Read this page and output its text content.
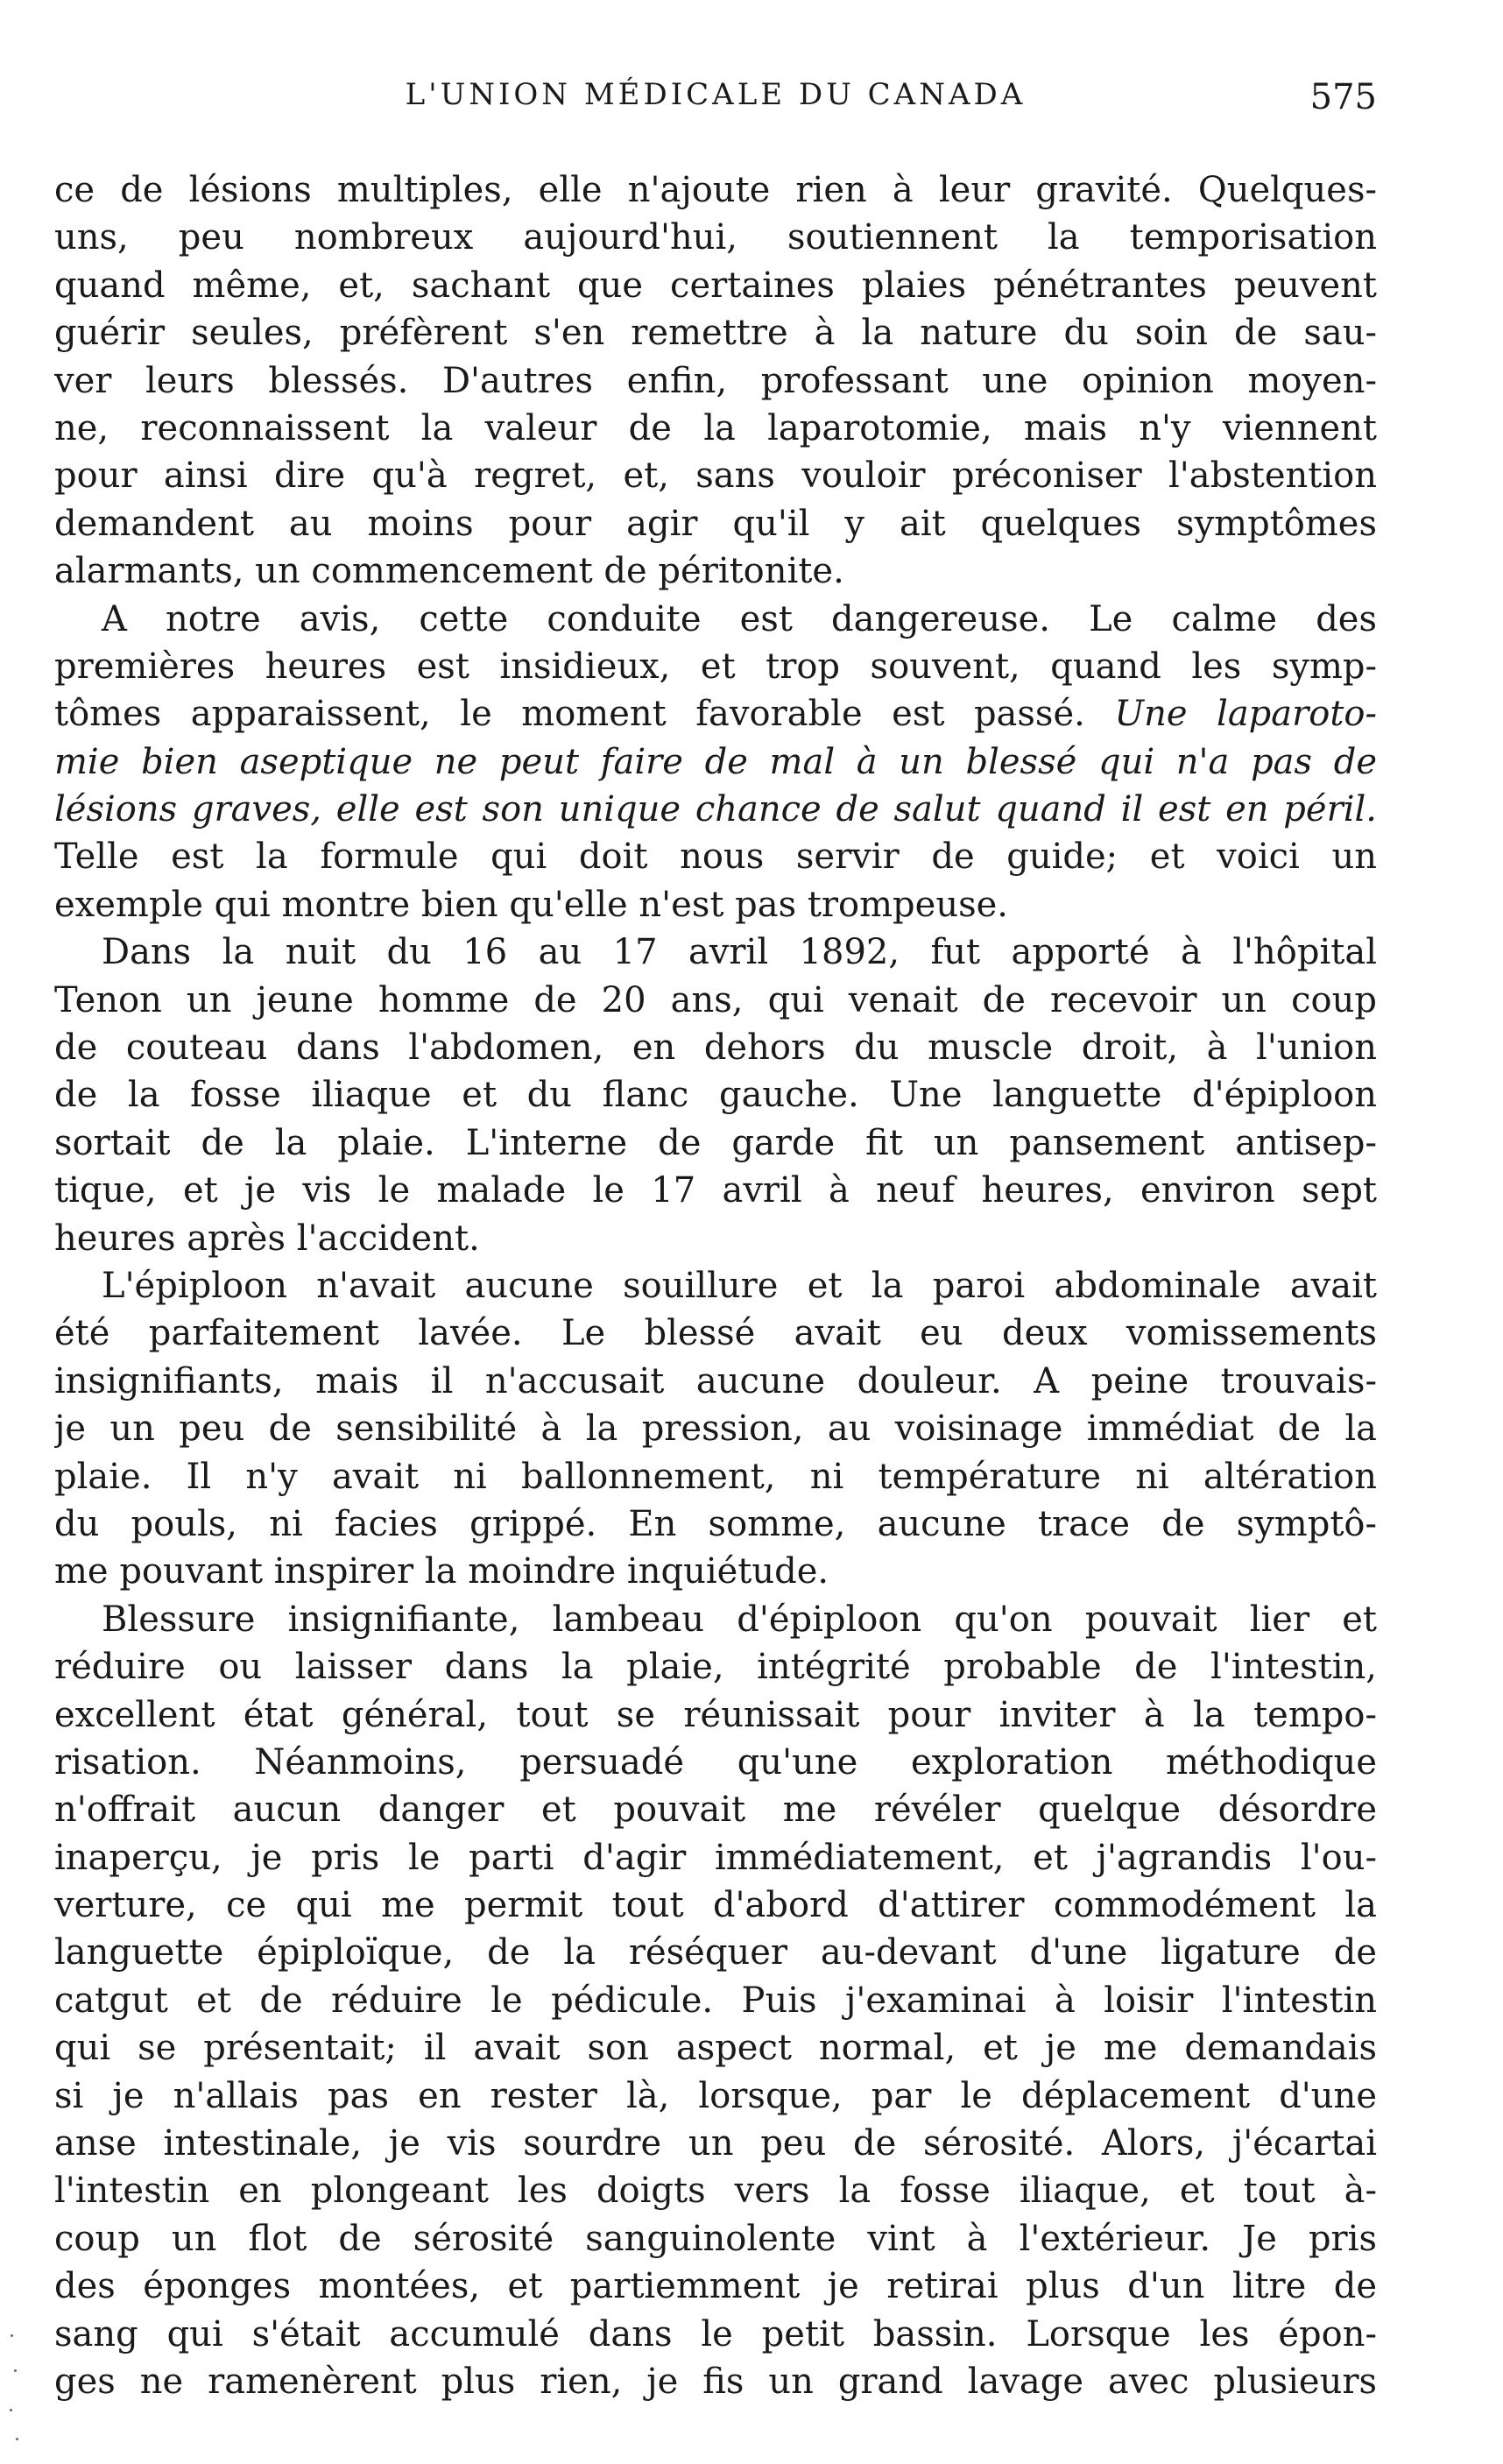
L'UNION MÉDICALE DU CANADA	575
ce de lésions multiples, elle n'ajoute rien à leur gravité. Quelques-
uns, peu nombreux aujourd'hui, soutiennent la temporisation
quand même, et, sachant que certaines plaies pénétrantes peuvent
guérir seules, préfèrent s'en remettre à la nature du soin de sau-
ver leurs blessés. D'autres enfin, professant une opinion moyen-
ne, reconnaissent la valeur de la laparotomie, mais n'y viennent
pour ainsi dire qu'à regret, et, sans vouloir préconiser l'abstention
demandent au moins pour agir qu'il y ait quelques symptômes
alarmants, un commencement de péritonite.
A notre avis, cette conduite est dangereuse. Le calme des
premières heures est insidieux, et trop souvent, quand les symp-
tômes apparaissent, le moment favorable est passé. Une laparoto-
mie bien aseptique ne peut faire de mal à un blessé qui n'a pas de
lésions graves, elle est son unique chance de salut quand il est en péril.
Telle est la formule qui doit nous servir de guide; et voici un
exemple qui montre bien qu'elle n'est pas trompeuse.
Dans la nuit du 16 au 17 avril 1892, fut apporté à l'hôpital
Tenon un jeune homme de 20 ans, qui venait de recevoir un coup
de couteau dans l'abdomen, en dehors du muscle droit, à l'union
de la fosse iliaque et du flanc gauche. Une languette d'épiploon
sortait de la plaie. L'interne de garde fit un pansement antisep-
tique, et je vis le malade le 17 avril à neuf heures, environ sept
heures après l'accident.
L'épiploon n'avait aucune souillure et la paroi abdominale avait
été parfaitement lavée. Le blessé avait eu deux vomissements
insignifiants, mais il n'accusait aucune douleur. A peine trouvais-
je un peu de sensibilité à la pression, au voisinage immédiat de la
plaie. Il n'y avait ni ballonnement, ni température ni altération
du pouls, ni facies grippé. En somme, aucune trace de symptô-
me pouvant inspirer la moindre inquiétude.
Blessure insignifiante, lambeau d'épiploon qu'on pouvait lier et
réduire ou laisser dans la plaie, intégrité probable de l'intestin,
excellent état général, tout se réunissait pour inviter à la tempo-
risation. Néanmoins, persuadé qu'une exploration méthodique
n'offrait aucun danger et pouvait me révéler quelque désordre
inaperçu, je pris le parti d'agir immédiatement, et j'agrandis l'ou-
verture, ce qui me permit tout d'abord d'attirer commodément la
languette épiploïque, de la réséquer au-devant d'une ligature de
catgut et de réduire le pédicule. Puis j'examinai à loisir l'intestin
qui se présentait; il avait son aspect normal, et je me demandais
si je n'allais pas en rester là, lorsque, par le déplacement d'une
anse intestinale, je vis sourdre un peu de sérosité. Alors, j'écartai
l'intestin en plongeant les doigts vers la fosse iliaque, et tout à-
coup un flot de sérosité sanguinolente vint à l'extérieur. Je pris
des éponges montées, et partiemment je retirai plus d'un litre de
sang qui s'était accumulé dans le petit bassin. Lorsque les épon-
ges ne ramenèrent plus rien, je fis un grand lavage avec plusieurs
